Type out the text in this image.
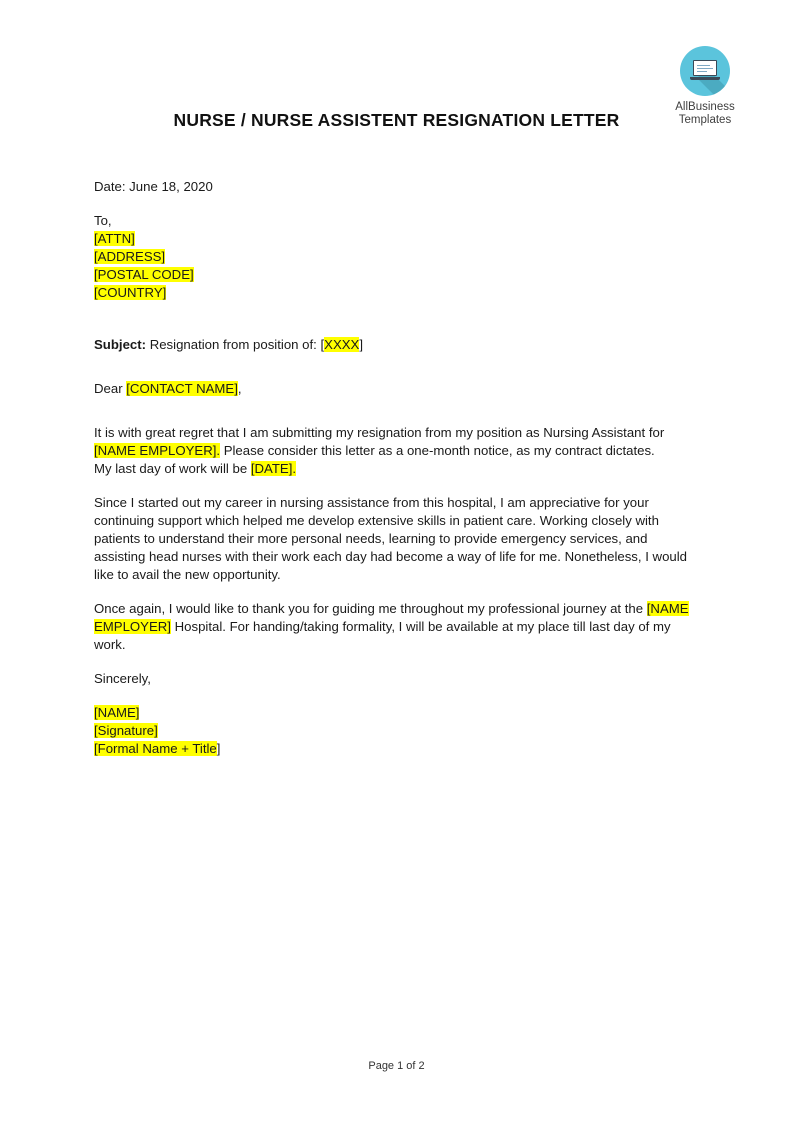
AllBusiness
Templates
NURSE / NURSE ASSISTENT RESIGNATION LETTER
Date: June 18, 2020
To,
[ATTN]
[ADDRESS]
[POSTAL CODE]
[COUNTRY]
Subject: Resignation from position of: [XXXX]
Dear [CONTACT NAME],
It is with great regret that I am submitting my resignation from my position as Nursing Assistant for [NAME EMPLOYER]. Please consider this letter as a one-month notice, as my contract dictates.
My last day of work will be [DATE].
Since I started out my career in nursing assistance from this hospital, I am appreciative for your continuing support which helped me develop extensive skills in patient care. Working closely with patients to understand their more personal needs, learning to provide emergency services, and assisting head nurses with their work each day had become a way of life for me. Nonetheless, I would like to avail the new opportunity.
Once again, I would like to thank you for guiding me throughout my professional journey at the [NAME EMPLOYER] Hospital. For handing/taking formality, I will be available at my place till last day of my work.
Sincerely,
[NAME]
[Signature]
[Formal Name + Title]
Page 1 of 2
